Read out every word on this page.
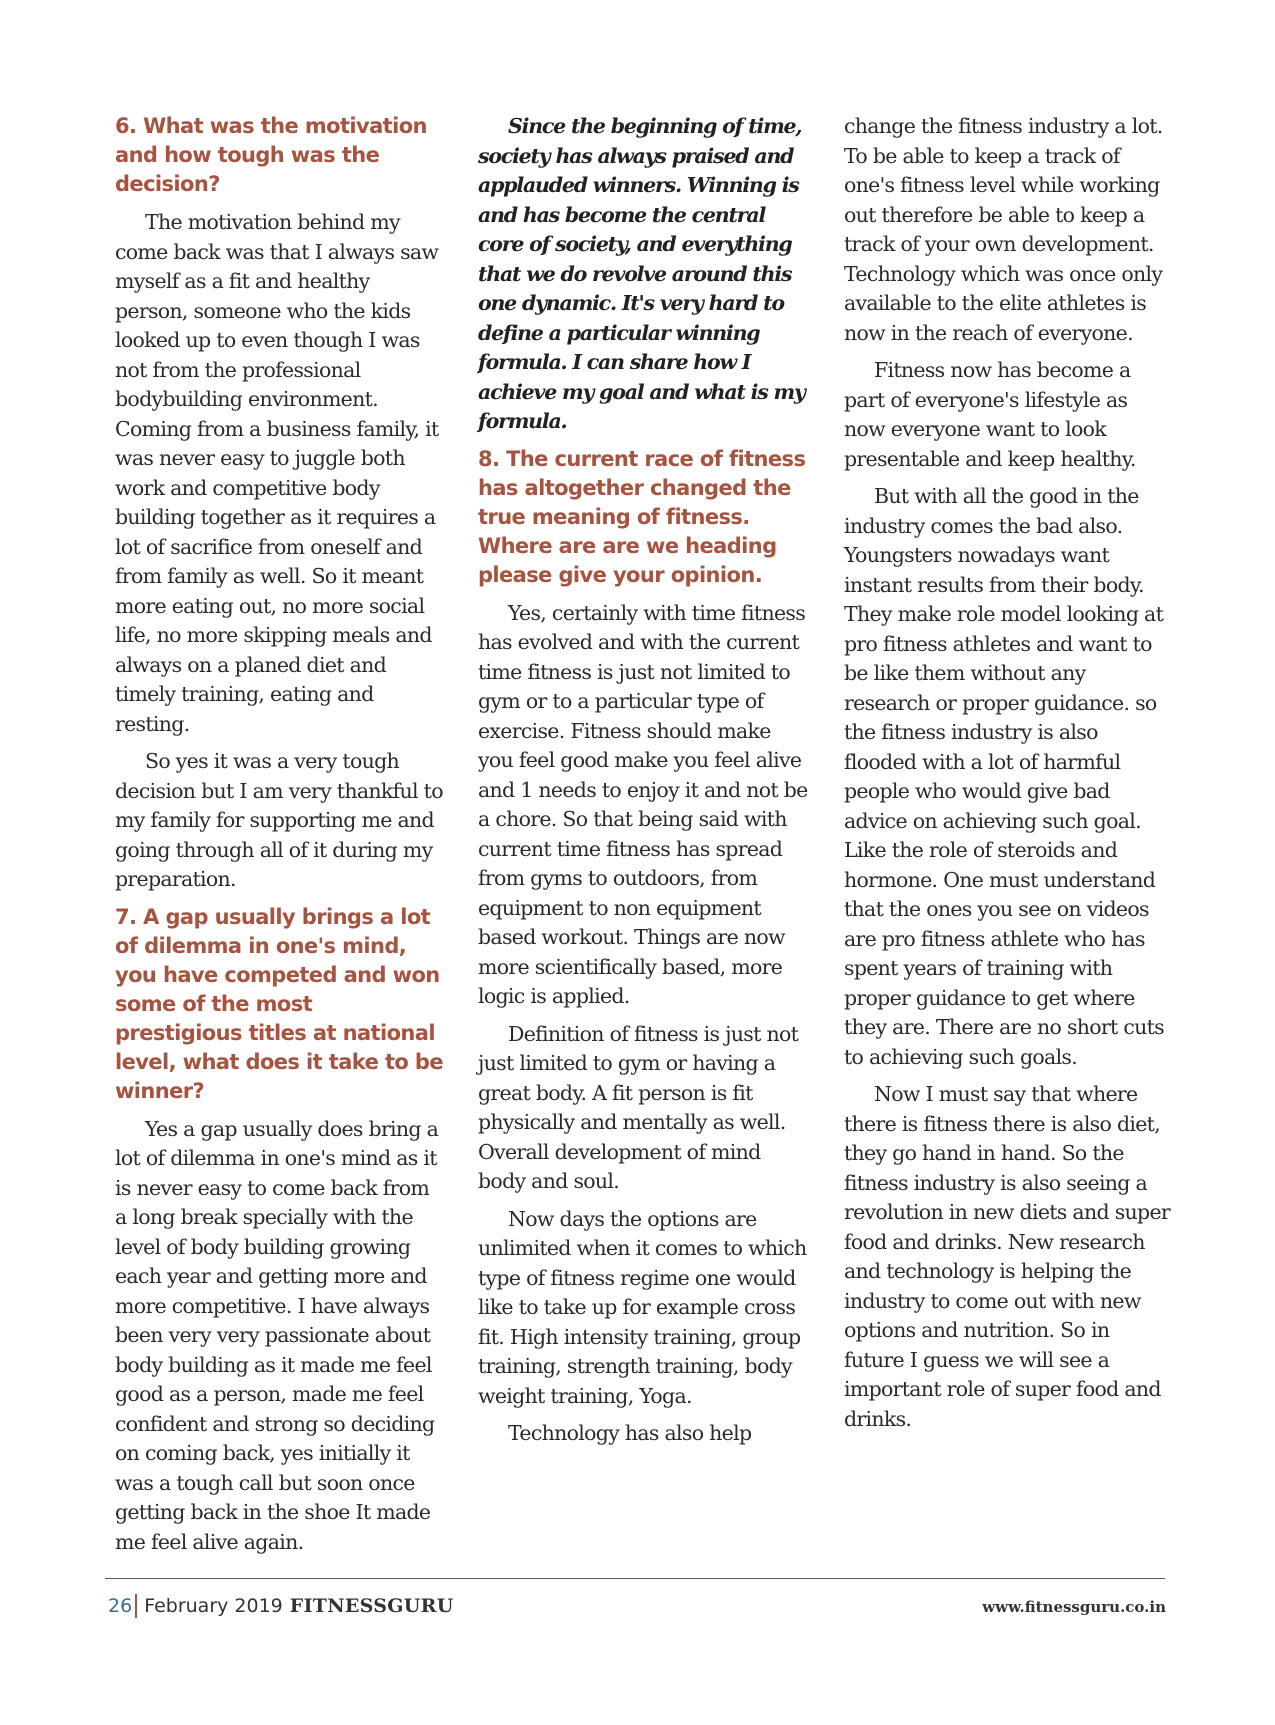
6. What was the motivation and how tough was the decision?

The motivation behind my come back was that I always saw myself as a fit and healthy person, someone who the kids looked up to even though I was not from the professional bodybuilding environment. Coming from a business family, it was never easy to juggle both work and competitive body building together as it requires a lot of sacrifice from oneself and from family as well. So it meant more eating out, no more social life, no more skipping meals and always on a planed diet and timely training, eating and resting.

So yes it was a very tough decision but I am very thankful to my family for supporting me and going through all of it during my preparation.

7. A gap usually brings a lot of dilemma in one's mind, you have competed and won some of the most prestigious titles at national level, what does it take to be winner?

Yes a gap usually does bring a lot of dilemma in one's mind as it is never easy to come back from a long break specially with the level of body building growing each year and getting more and more competitive. I have always been very very passionate about body building as it made me feel good as a person, made me feel confident and strong so deciding on coming back, yes initially it was a tough call but soon once getting back in the shoe It made me feel alive again.

Since the beginning of time, society has always praised and applauded winners. Winning is and has become the central core of society, and everything that we do revolve around this one dynamic. It's very hard to define a particular winning formula. I can share how I achieve my goal and what is my formula.

8. The current race of fitness has altogether changed the true meaning of fitness. Where are are we heading please give your opinion.

Yes, certainly with time fitness has evolved and with the current time fitness is just not limited to gym or to a particular type of exercise. Fitness should make you feel good make you feel alive and 1 needs to enjoy it and not be a chore. So that being said with current time fitness has spread from gyms to outdoors, from equipment to non equipment based workout. Things are now more scientifically based, more logic is applied.

Definition of fitness is just not just limited to gym or having a great body. A fit person is fit physically and mentally as well. Overall development of mind body and soul.

Now days the options are unlimited when it comes to which type of fitness regime one would like to take up for example cross fit. High intensity training, group training, strength training, body weight training, Yoga.

Technology has also help

change the fitness industry a lot. To be able to keep a track of one's fitness level while working out therefore be able to keep a track of your own development. Technology which was once only available to the elite athletes is now in the reach of everyone.

Fitness now has become a part of everyone's lifestyle as now everyone want to look presentable and keep healthy.

But with all the good in the industry comes the bad also. Youngsters nowadays want instant results from their body. They make role model looking at pro fitness athletes and want to be like them without any research or proper guidance. so the fitness industry is also flooded with a lot of harmful people who would give bad advice on achieving such goal. Like the role of steroids and hormone. One must understand that the ones you see on videos are pro fitness athlete who has spent years of training with proper guidance to get where they are. There are no short cuts to achieving such goals.

Now I must say that where there is fitness there is also diet, they go hand in hand. So the fitness industry is also seeing a revolution in new diets and super food and drinks. New research and technology is helping the industry to come out with new options and nutrition. So in future I guess we will see a important role of super food and drinks.

26 February 2019 FITNESSGURU	www.fitnessguru.co.in
